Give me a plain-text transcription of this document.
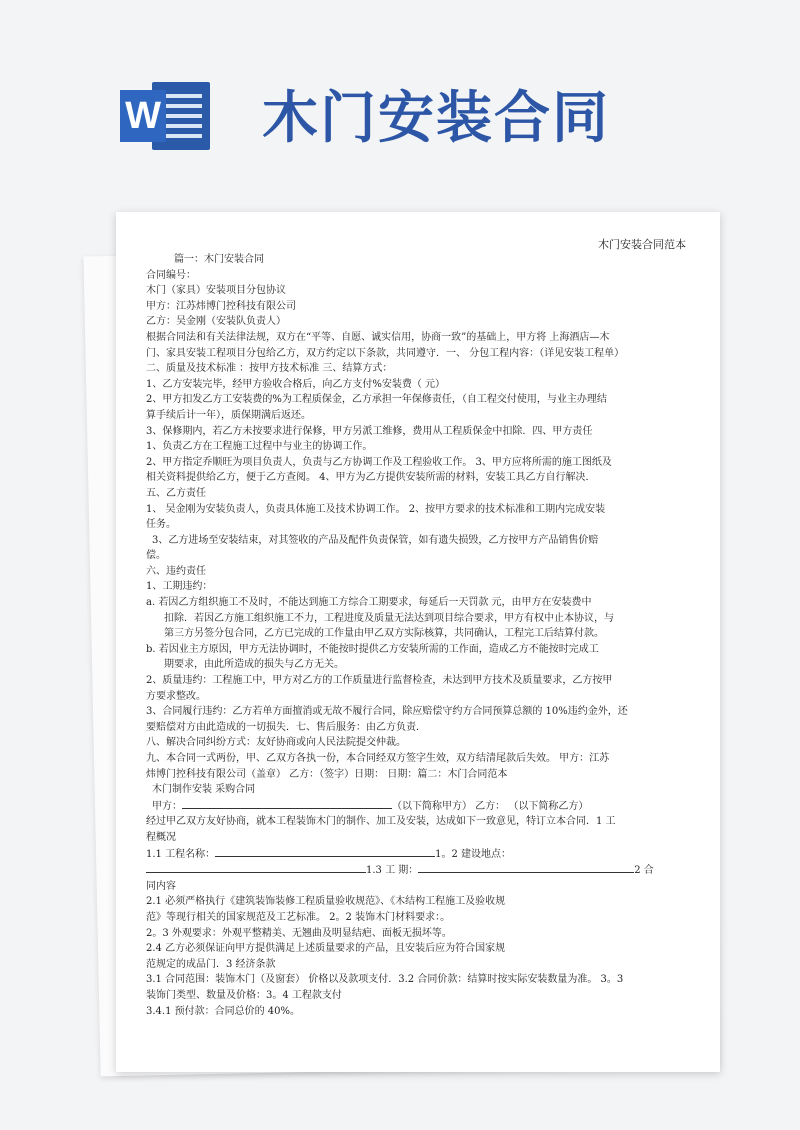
W 木门安装合同
木门安装合同范本

篇一：木门安装合同

合同编号：

木门（家具）安装项目分包协议

甲方：江苏炜博门控科技有限公司

乙方：吴金刚（安装队负责人）

根据合同法和有关法律法规，双方在“平等、自愿、诚实信用，协商一致”的基础上，甲方将 上海酒店—木

门、家具安装工程项目分包给乙方，双方约定以下条款，共同遵守．一、 分包工程内容：（详见安装工程单）

二、质量及技术标准 ：按甲方技术标准 三、结算方式：

1、乙方安装完毕，经甲方验收合格后，向乙方支付%安装费（ 元）

2、甲方扣发乙方工安装费的%为工程质保金，乙方承担一年保修责任，（自工程交付使用，与业主办理结

算手续后计一年），质保期满后返还。

3、保修期内，若乙方未按要求进行保修，甲方另派工维修，费用从工程质保金中扣除．四、甲方责任

1、负责乙方在工程施工过程中与业主的协调工作。

2、甲方指定乔顺旺为项目负责人，负责与乙方协调工作及工程验收工作。 3、甲方应将所需的施工图纸及

相关资料提供给乙方，便于乙方查阅。 4、甲方为乙方提供安装所需的材料，安装工具乙方自行解决．

五、乙方责任

1、 吴金刚为安装负责人，负责具体施工及技术协调工作。 2、按甲方要求的技术标准和工期内完成安装

任务。

3、乙方进场至安装结束，对其签收的产品及配件负责保管，如有遗失损毁，乙方按甲方产品销售价赔

偿。

六、违约责任

1、工期违约：

a. 若因乙方组织施工不及时，不能达到施工方综合工期要求，每延后一天罚款 元，由甲方在安装费中

扣除．若因乙方施工组织施工不力，工程进度及质量无法达到项目综合要求，甲方有权中止本协议，与

第三方另签分包合同，乙方已完成的工作量由甲乙双方实际核算，共同确认，工程完工后结算付款。

b. 若因业主方原因，甲方无法协调时，不能按时提供乙方安装所需的工作面，造成乙方不能按时完成工

期要求，由此所造成的损失与乙方无关。

2、质量违约：工程施工中，甲方对乙方的工作质量进行监督检查，未达到甲方技术及质量要求，乙方按甲

方要求整改。

3、合同履行违约：乙方若单方面擅消或无故不履行合同，除应赔偿守约方合同预算总额的 10%违约金外，还

要赔偿对方由此造成的一切损失．七、售后服务：由乙方负责．

八、解决合同纠纷方式：友好协商或向人民法院提交仲裁。

九、本合同一式两份，甲、乙双方各执一份，本合同经双方签字生效，双方结清尾款后失效。 甲方：江苏

炜博门控科技有限公司（盖章） 乙方：（签字）日期： 日期：篇二：木门合同范本

木门制作安装 采购合同

甲方：	（以下简称甲方） 乙方： （以下简称乙方）

经过甲乙双方友好协商，就本工程装饰木门的制作、加工及安装，达成如下一致意见，特订立本合同．1 工

程概况

1.1 工程名称：	1。2 建设地点：

1.3 工 期：	2 合

同内容

2.1 必须严格执行《建筑装饰装修工程质量验收规范》、《木结构工程施工及验收规

范》等现行相关的国家规范及工艺标准。 2。2 装饰木门材料要求：。

2。3 外观要求：外观平整精美、无翘曲及明显结疤、面板无损坏等。

2.4 乙方必须保证向甲方提供满足上述质量要求的产品，且安装后应为符合国家规

范规定的成品门．3 经济条款

3.1 合同范围：装饰木门（及窗套） 价格以及款项支付．3.2 合同价款：结算时按实际安装数量为准。 3。3

装饰门类型、数量及价格：3。4 工程款支付

3.4.1 预付款：合同总价的 40%。
